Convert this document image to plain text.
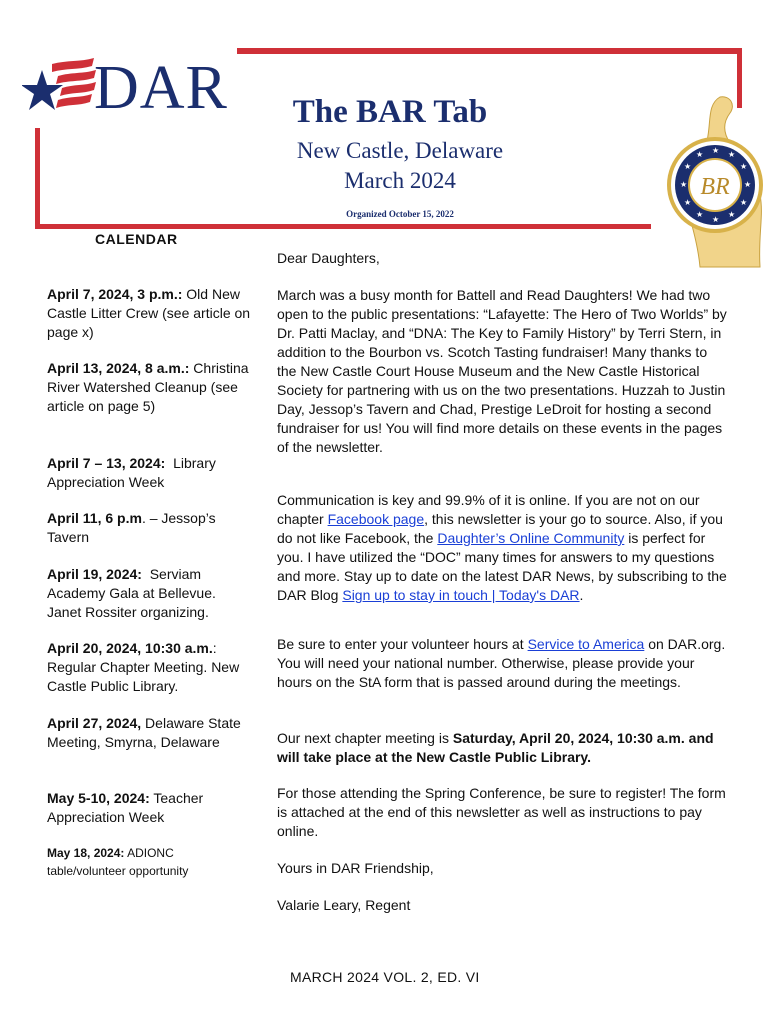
DAR	The BAR Tab
New Castle, Delaware
March 2024
Organized October 15, 2022
★ ★
★
★
★
★
★
★
★
★
★
★
BR
CALENDAR
April 7, 2024, 3 p.m.: Old New Castle Litter Crew (see article on page x)
April 13, 2024, 8 a.m.: Christina River Watershed Cleanup (see article on page 5)
April 7 – 13, 2024:  Library Appreciation Week
April 11, 6 p.m. – Jessop’s Tavern
April 19, 2024:  Serviam Academy Gala at Bellevue. Janet Rossiter organizing.
April 20, 2024, 10:30 a.m.: Regular Chapter Meeting. New Castle Public Library.
April 27, 2024, Delaware State Meeting, Smyrna, Delaware
May 5-10, 2024: Teacher Appreciation Week
May 18, 2024: ADIONC table/volunteer opportunity
Dear Daughters,
March was a busy month for Battell and Read Daughters! We had two open to the public presentations: “Lafayette: The Hero of Two Worlds” by Dr. Patti Maclay, and “DNA: The Key to Family History” by Terri Stern, in addition to the Bourbon vs. Scotch Tasting fundraiser! Many thanks to the New Castle Court House Museum and the New Castle Historical Society for partnering with us on the two presentations. Huzzah to Justin Day, Jessop’s Tavern and Chad, Prestige LeDroit for hosting a second fundraiser for us! You will find more details on these events in the pages of the newsletter.
Communication is key and 99.9% of it is online. If you are not on our chapter Facebook page, this newsletter is your go to source. Also, if you do not like Facebook, the Daughter’s Online Community is perfect for you. I have utilized the “DOC” many times for answers to my questions and more. Stay up to date on the latest DAR News, by subscribing to the DAR Blog Sign up to stay in touch | Today's DAR.
Be sure to enter your volunteer hours at Service to America on DAR.org. You will need your national number. Otherwise, please provide your hours on the StA form that is passed around during the meetings.
Our next chapter meeting is Saturday, April 20, 2024, 10:30 a.m. and will take place at the New Castle Public Library.
For those attending the Spring Conference, be sure to register! The form is attached at the end of this newsletter as well as instructions to pay online.
Yours in DAR Friendship,
Valarie Leary, Regent
MARCH 2024 VOL. 2, ED. VI
